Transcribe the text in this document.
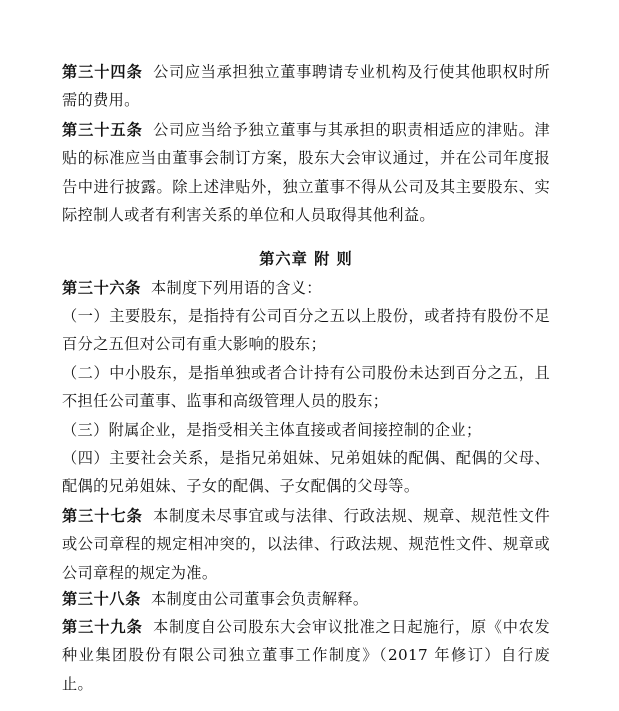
第三十四条 公司应当承担独立董事聘请专业机构及行使其他职权时所需的费用。
第三十五条 公司应当给予独立董事与其承担的职责相适应的津贴。津贴的标准应当由董事会制订方案，股东大会审议通过，并在公司年度报告中进行披露。除上述津贴外，独立董事不得从公司及其主要股东、实际控制人或者有利害关系的单位和人员取得其他利益。
第六章 附 则
第三十六条 本制度下列用语的含义：
（一）主要股东，是指持有公司百分之五以上股份，或者持有股份不足百分之五但对公司有重大影响的股东；
（二）中小股东，是指单独或者合计持有公司股份未达到百分之五，且不担任公司董事、监事和高级管理人员的股东；
（三）附属企业，是指受相关主体直接或者间接控制的企业；
（四）主要社会关系，是指兄弟姐妹、兄弟姐妹的配偶、配偶的父母、配偶的兄弟姐妹、子女的配偶、子女配偶的父母等。
第三十七条 本制度未尽事宜或与法律、行政法规、规章、规范性文件或公司章程的规定相冲突的，以法律、行政法规、规范性文件、规章或公司章程的规定为准。
第三十八条 本制度由公司董事会负责解释。
第三十九条 本制度自公司股东大会审议批准之日起施行，原《中农发种业集团股份有限公司独立董事工作制度》（2017 年修订）自行废止。
